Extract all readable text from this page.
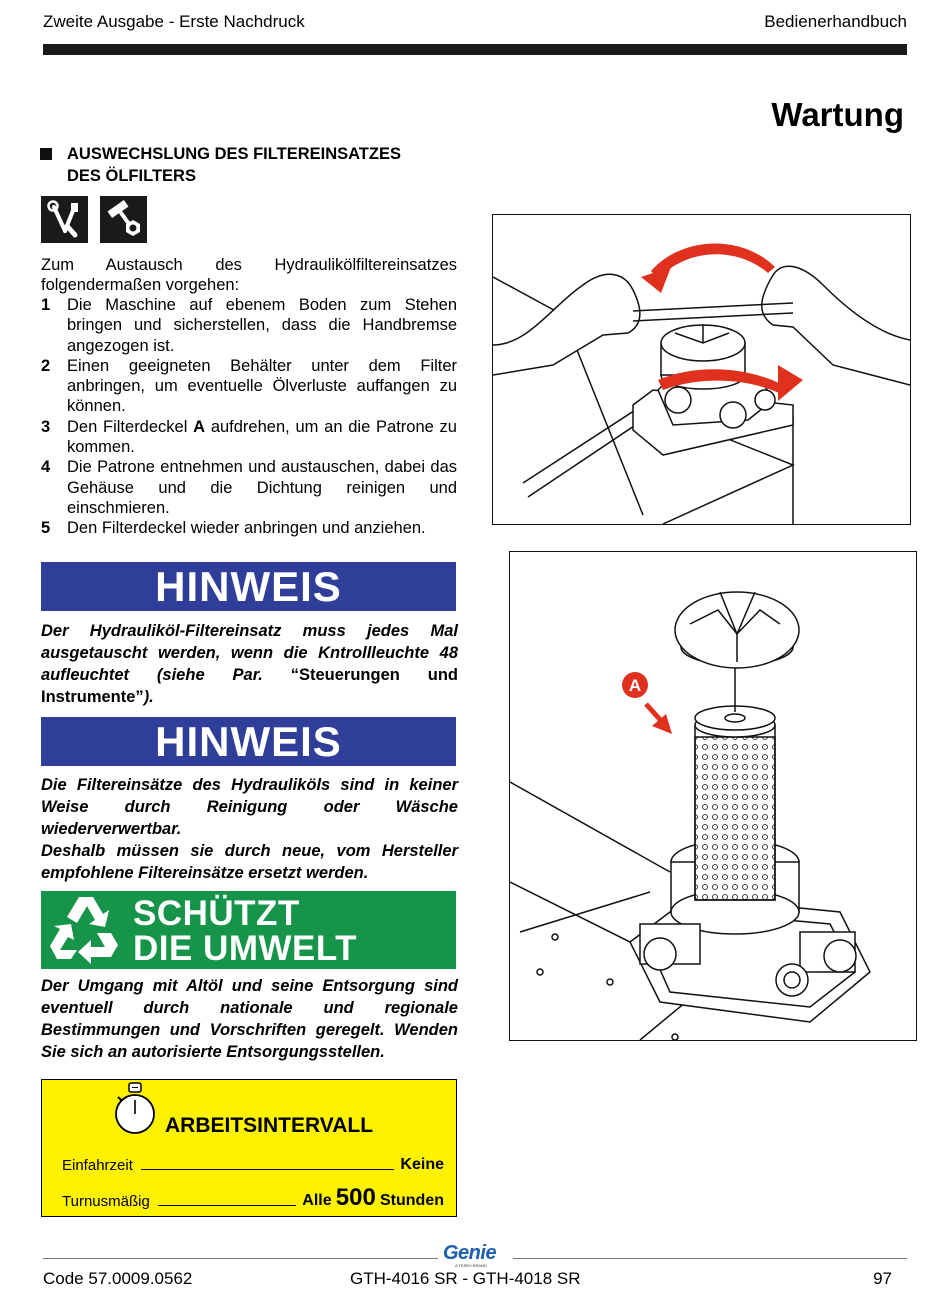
Zweite Ausgabe - Erste Nachdruck	Bedienerhandbuch
Wartung
AUSWECHSLUNG DES FILTEREINSATZES
DES ÖLFILTERS
Zum Austausch des Hydraulikölfiltereinsatzes folgendermaßen vorgehen:
1 Die Maschine auf ebenem Boden zum Stehen bringen und sicherstellen, dass die Handbremse angezogen ist.
2 Einen geeigneten Behälter unter dem Filter anbringen, um eventuelle Ölverluste auffangen zu können.
3 Den Filterdeckel A aufdrehen, um an die Patrone zu kommen.
4 Die Patrone entnehmen und austauschen, dabei das Gehäuse und die Dichtung reinigen und einschmieren.
5 Den Filterdeckel wieder anbringen und anziehen.
HINWEIS
Der Hydrauliköl-Filtereinsatz muss jedes Mal ausgetauscht werden, wenn die Kntrollleuchte 48 aufleuchtet (siehe Par. “Steuerungen und Instrumente”).
HINWEIS
Die Filtereinsätze des Hydrauliköls sind in keiner Weise durch Reinigung oder Wäsche wiederverwertbar.
Deshalb müssen sie durch neue, vom Hersteller empfohlene Filtereinsätze ersetzt werden.
SCHÜTZT
DIE UMWELT
Der Umgang mit Altöl und seine Entsorgung sind eventuell durch nationale und regionale Bestimmungen und Vorschriften geregelt. Wenden Sie sich an autorisierte Entsorgungsstellen.
ARBEITSINTERVALL
Einfahrzeit	Keine
Turnusmäßig	Alle
500
Stunden
A
Genie
A TEREX BRAND
Code 57.0009.0562	GTH-4016 SR - GTH-4018 SR	97
